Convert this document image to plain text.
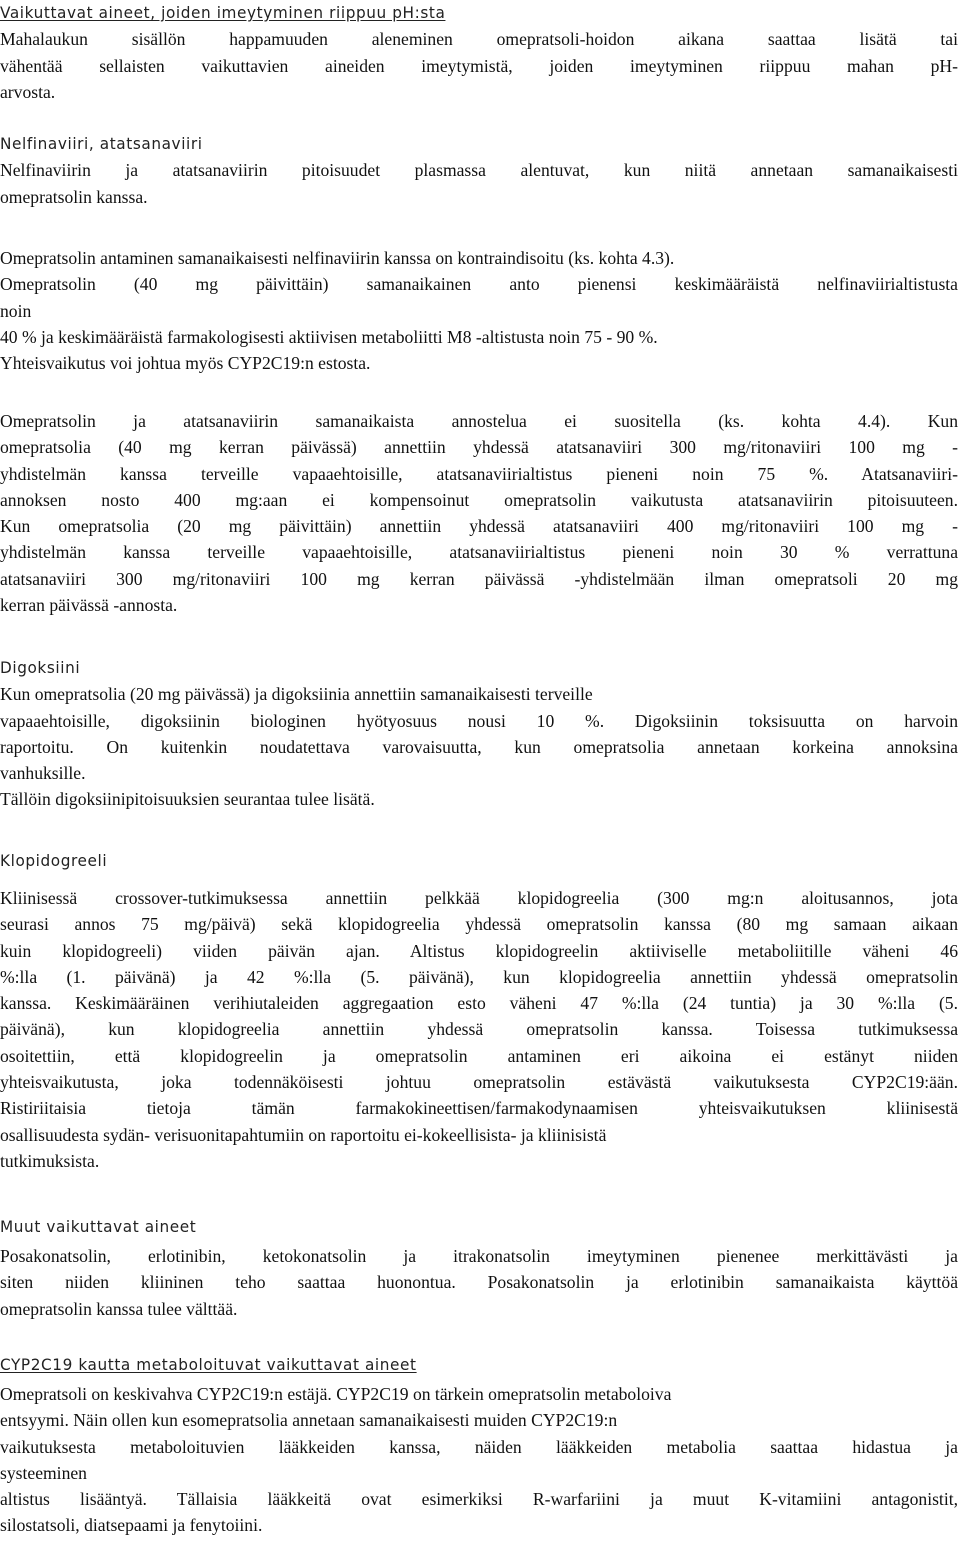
Vaikuttavat aineet, joiden imeytyminen riippuu pH:sta
Mahalaukun sisällön happamuuden aleneminen omepratsoli-hoidon aikana saattaa lisätä tai
vähentää sellaisten vaikuttavien aineiden imeytymistä, joiden imeytyminen riippuu mahan pH-
arvosta.
Nelfinaviiri, atatsanaviiri
Nelfinaviirin ja atatsanaviirin pitoisuudet plasmassa alentuvat, kun niitä annetaan samanaikaisesti
omepratsolin kanssa.
Omepratsolin antaminen samanaikaisesti nelfinaviirin kanssa on kontraindisoitu (ks. kohta 4.3).
Omepratsolin (40 mg päivittäin) samanaikainen anto pienensi keskimääräistä nelfinaviirialtistusta
noin
40 % ja keskimääräistä farmakologisesti aktiivisen metaboliitti M8 -altistusta noin 75 - 90 %.
Yhteisvaikutus voi johtua myös CYP2C19:n estosta.
Omepratsolin ja atatsanaviirin samanaikaista annostelua ei suositella (ks. kohta 4.4). Kun
omepratsolia (40 mg kerran päivässä) annettiin yhdessä atatsanaviiri 300 mg/ritonaviiri 100 mg -
yhdistelmän kanssa terveille vapaaehtoisille, atatsanaviirialtistus pieneni noin 75 %. Atatsanaviiri-
annoksen nosto 400 mg:aan ei kompensoinut omepratsolin vaikutusta atatsanaviirin pitoisuuteen.
Kun omepratsolia (20 mg päivittäin) annettiin yhdessä atatsanaviiri 400 mg/ritonaviiri 100 mg -
yhdistelmän kanssa terveille vapaaehtoisille, atatsanaviirialtistus pieneni noin 30 % verrattuna
atatsanaviiri 300 mg/ritonaviiri 100 mg kerran päivässä -yhdistelmään ilman omepratsoli 20 mg
kerran päivässä -annosta.
Digoksiini
Kun omepratsolia (20 mg päivässä) ja digoksiinia annettiin samanaikaisesti terveille
vapaaehtoisille, digoksiinin biologinen hyötyosuus nousi 10 %. Digoksiinin toksisuutta on harvoin
raportoitu. On kuitenkin noudatettava varovaisuutta, kun omepratsolia annetaan korkeina annoksina
vanhuksille.
Tällöin digoksiinipitoisuuksien seurantaa tulee lisätä.
Klopidogreeli
Kliinisessä crossover-tutkimuksessa annettiin pelkkää klopidogreelia (300 mg:n aloitusannos, jota
seurasi annos 75 mg/päivä) sekä klopidogreelia yhdessä omepratsolin kanssa (80 mg samaan aikaan
kuin klopidogreeli) viiden päivän ajan. Altistus klopidogreelin aktiiviselle metaboliitille väheni 46
%:lla (1. päivänä) ja 42 %:lla (5. päivänä), kun klopidogreelia annettiin yhdessä omepratsolin
kanssa. Keskimääräinen verihiutaleiden aggregaation esto väheni 47 %:lla (24 tuntia) ja 30 %:lla (5.
päivänä), kun klopidogreelia annettiin yhdessä omepratsolin kanssa. Toisessa tutkimuksessa
osoitettiin, että klopidogreelin ja omepratsolin antaminen eri aikoina ei estänyt niiden
yhteisvaikutusta, joka todennäköisesti johtuu omepratsolin estävästä vaikutuksesta CYP2C19:ään.
Ristiriitaisia tietoja tämän farmakokineettisen/farmakodynaamisen yhteisvaikutuksen kliinisestä
osallisuudesta sydän- verisuonitapahtumiin on raportoitu ei-kokeellisista- ja kliinisistä
tutkimuksista.
Muut vaikuttavat aineet
Posakonatsolin, erlotinibin, ketokonatsolin ja itrakonatsolin imeytyminen pienenee merkittävästi ja
siten niiden kliininen teho saattaa huonontua. Posakonatsolin ja erlotinibin samanaikaista käyttöä
omepratsolin kanssa tulee välttää.
CYP2C19 kautta metaboloituvat vaikuttavat aineet
Omepratsoli on keskivahva CYP2C19:n estäjä. CYP2C19 on tärkein omepratsolin metaboloiva
entsyymi. Näin ollen kun esomepratsolia annetaan samanaikaisesti muiden CYP2C19:n
vaikutuksesta metaboloituvien lääkkeiden kanssa, näiden lääkkeiden metabolia saattaa hidastua ja
systeeminen
altistus lisääntyä. Tällaisia lääkkeitä ovat esimerkiksi R-warfariini ja muut K-vitamiini antagonistit,
silostatsoli, diatsepaami ja fenytoiini.
